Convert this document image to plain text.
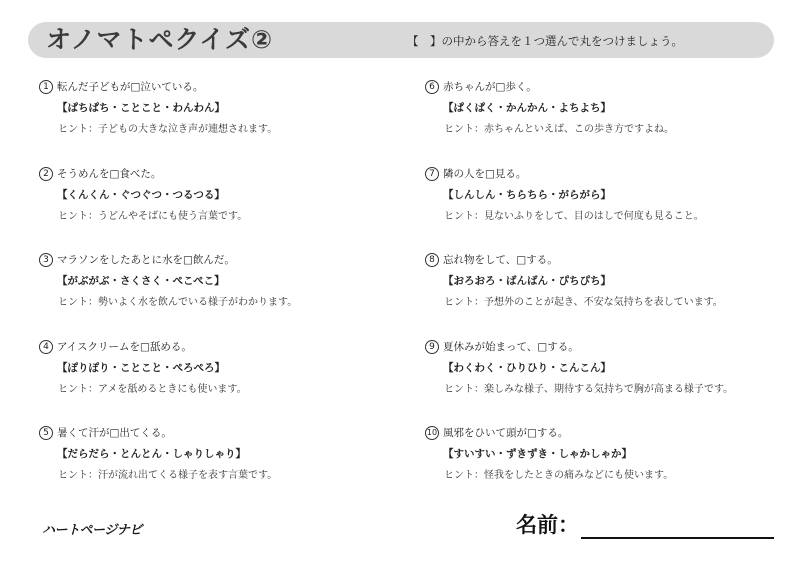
オノマトペクイズ②	【　】の中から答えを１つ選んで丸をつけましょう。
1 転んだ子どもが□泣いている。
【ぱちぱち・ことこと・わんわん】
ヒント：子どもの大きな泣き声が連想されます。
2 そうめんを□食べた。
【くんくん・ぐつぐつ・つるつる】
ヒント：うどんやそばにも使う言葉です。
3 マラソンをしたあとに水を□飲んだ。
【がぶがぶ・さくさく・ぺこぺこ】
ヒント：勢いよく水を飲んでいる様子がわかります。
4 アイスクリームを□舐める。
【ぽりぽり・ことこと・ぺろぺろ】
ヒント：アメを舐めるときにも使います。
5 暑くて汗が□出てくる。
【だらだら・とんとん・しゃりしゃり】
ヒント：汗が流れ出てくる様子を表す言葉です。
6 赤ちゃんが□歩く。
【ぱくぱく・かんかん・よちよち】
ヒント：赤ちゃんといえば、この歩き方ですよね。
7 隣の人を□見る。
【しんしん・ちらちら・がらがら】
ヒント：見ないふりをして、目のはしで何度も見ること。
8 忘れ物をして、□する。
【おろおろ・ばんばん・ぴちぴち】
ヒント：予想外のことが起き、不安な気持ちを表しています。
9 夏休みが始まって、□する。
【わくわく・ひりひり・こんこん】
ヒント：楽しみな様子、期待する気持ちで胸が高まる様子です。
10 風邪をひいて頭が□する。
【すいすい・ずきずき・しゃかしゃか】
ヒント：怪我をしたときの痛みなどにも使います。
ハートページナビ	名前：
